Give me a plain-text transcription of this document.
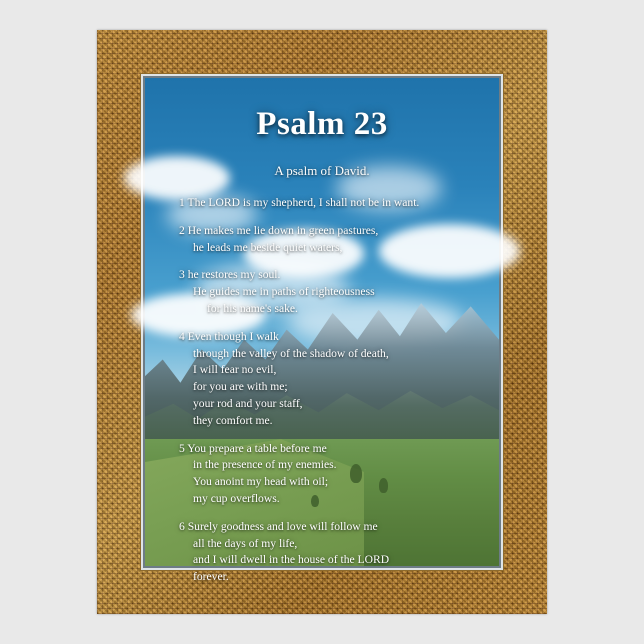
Psalm 23
A psalm of David.
1 The LORD is my shepherd, I shall not be in want.
2 He makes me lie down in green pastures,
he leads me beside quiet waters,
3 he restores my soul.
He guides me in paths of righteousness
for his name's sake.
4 Even though I walk
through the valley of the shadow of death,
I will fear no evil,
for you are with me;
your rod and your staff,
they comfort me.
5 You prepare a table before me
in the presence of my enemies.
You anoint my head with oil;
my cup overflows.
6 Surely goodness and love will follow me
all the days of my life,
and I will dwell in the house of the LORD
forever.
